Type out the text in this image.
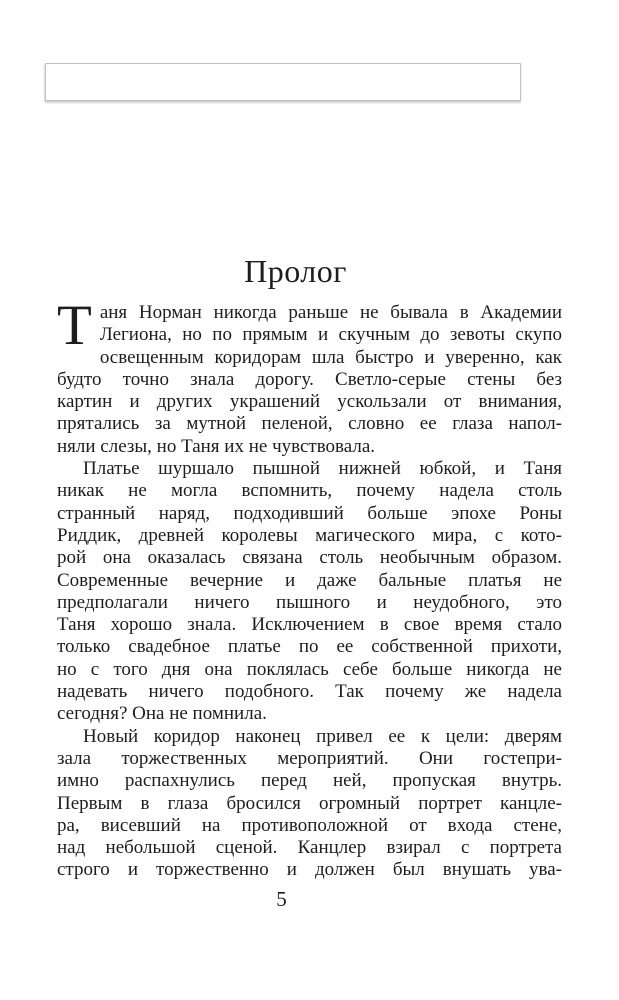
Пролог
Т аня Норман никогда раньше не бывала в Академии
Легиона, но по прямым и скучным до зевоты скупо
освещенным коридорам шла быстро и уверенно, как
будто точно знала дорогу. Светло-серые стены без
картин и других украшений ускользали от внимания,
прятались за мутной пеленой, словно ее глаза напол-
няли слезы, но Таня их не чувствовала.
Платье шуршало пышной нижней юбкой, и Таня
никак не могла вспомнить, почему надела столь
странный наряд, подходивший больше эпохе Роны
Риддик, древней королевы магического мира, с кото-
рой она оказалась связана столь необычным образом.
Современные вечерние и даже бальные платья не
предполагали ничего пышного и неудобного, это
Таня хорошо знала. Исключением в свое время стало
только свадебное платье по ее собственной прихоти,
но с того дня она поклялась себе больше никогда не
надевать ничего подобного. Так почему же надела
сегодня? Она не помнила.
Новый коридор наконец привел ее к цели: дверям
зала торжественных мероприятий. Они гостепри-
имно распахнулись перед ней, пропуская внутрь.
Первым в глаза бросился огромный портрет канцле-
ра, висевший на противоположной от входа стене,
над небольшой сценой. Канцлер взирал с портрета
строго и торжественно и должен был внушать ува-
5
